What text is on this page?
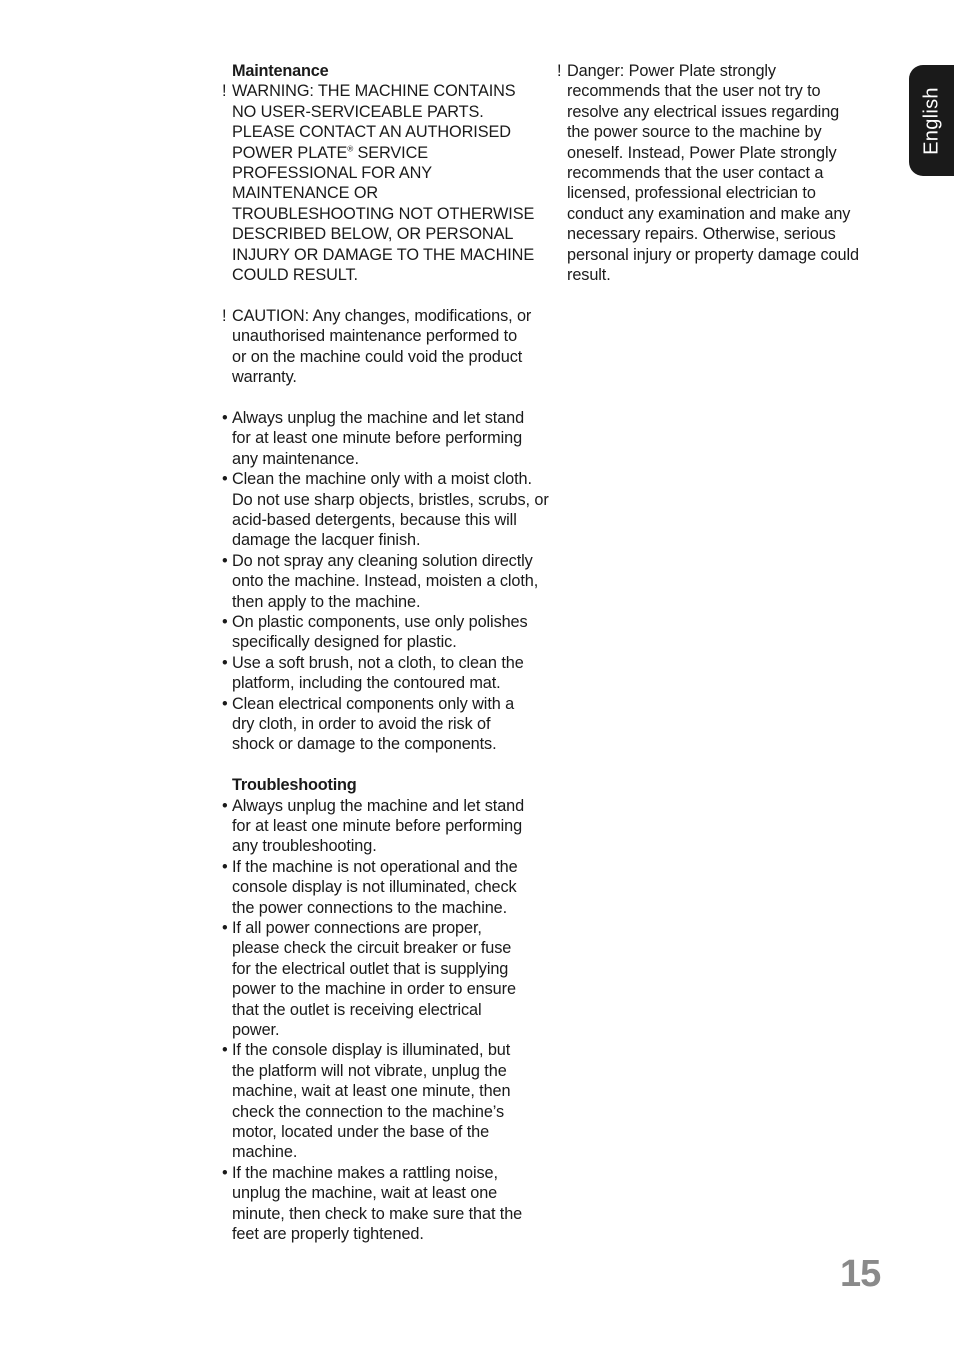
Maintenance
! WARNING: THE MACHINE CONTAINS NO USER-SERVICEABLE PARTS. PLEASE CONTACT AN AUTHORISED POWER PLATE® SERVICE PROFESSIONAL FOR ANY MAINTENANCE OR TROUBLESHOOTING NOT OTHERWISE DESCRIBED BELOW, OR PERSONAL INJURY OR DAMAGE TO THE MACHINE COULD RESULT.
! CAUTION: Any changes, modifications, or unauthorised maintenance performed to or on the machine could void the product warranty.
• Always unplug the machine and let stand for at least one minute before performing any maintenance.
• Clean the machine only with a moist cloth. Do not use sharp objects, bristles, scrubs, or acid-based detergents, because this will damage the lacquer finish.
• Do not spray any cleaning solution directly onto the machine. Instead, moisten a cloth, then apply to the machine.
• On plastic components, use only polishes specifically designed for plastic.
• Use a soft brush, not a cloth, to clean the platform, including the contoured mat.
• Clean electrical components only with a dry cloth, in order to avoid the risk of shock or damage to the components.
Troubleshooting
• Always unplug the machine and let stand for at least one minute before performing any troubleshooting.
• If the machine is not operational and the console display is not illuminated, check the power connections to the machine.
• If all power connections are proper, please check the circuit breaker or fuse for the electrical outlet that is supplying power to the machine in order to ensure that the outlet is receiving electrical power.
• If the console display is illuminated, but the platform will not vibrate, unplug the machine, wait at least one minute, then check the connection to the machine’s motor, located under the base of the machine.
• If the machine makes a rattling noise, unplug the machine, wait at least one minute, then check to make sure that the feet are properly tightened.
! Danger: Power Plate strongly recommends that the user not try to resolve any electrical issues regarding the power source to the machine by oneself. Instead, Power Plate strongly recommends that the user contact a licensed, professional electrician to conduct any examination and make any necessary repairs. Otherwise, serious personal injury or property damage could result.
English
15
